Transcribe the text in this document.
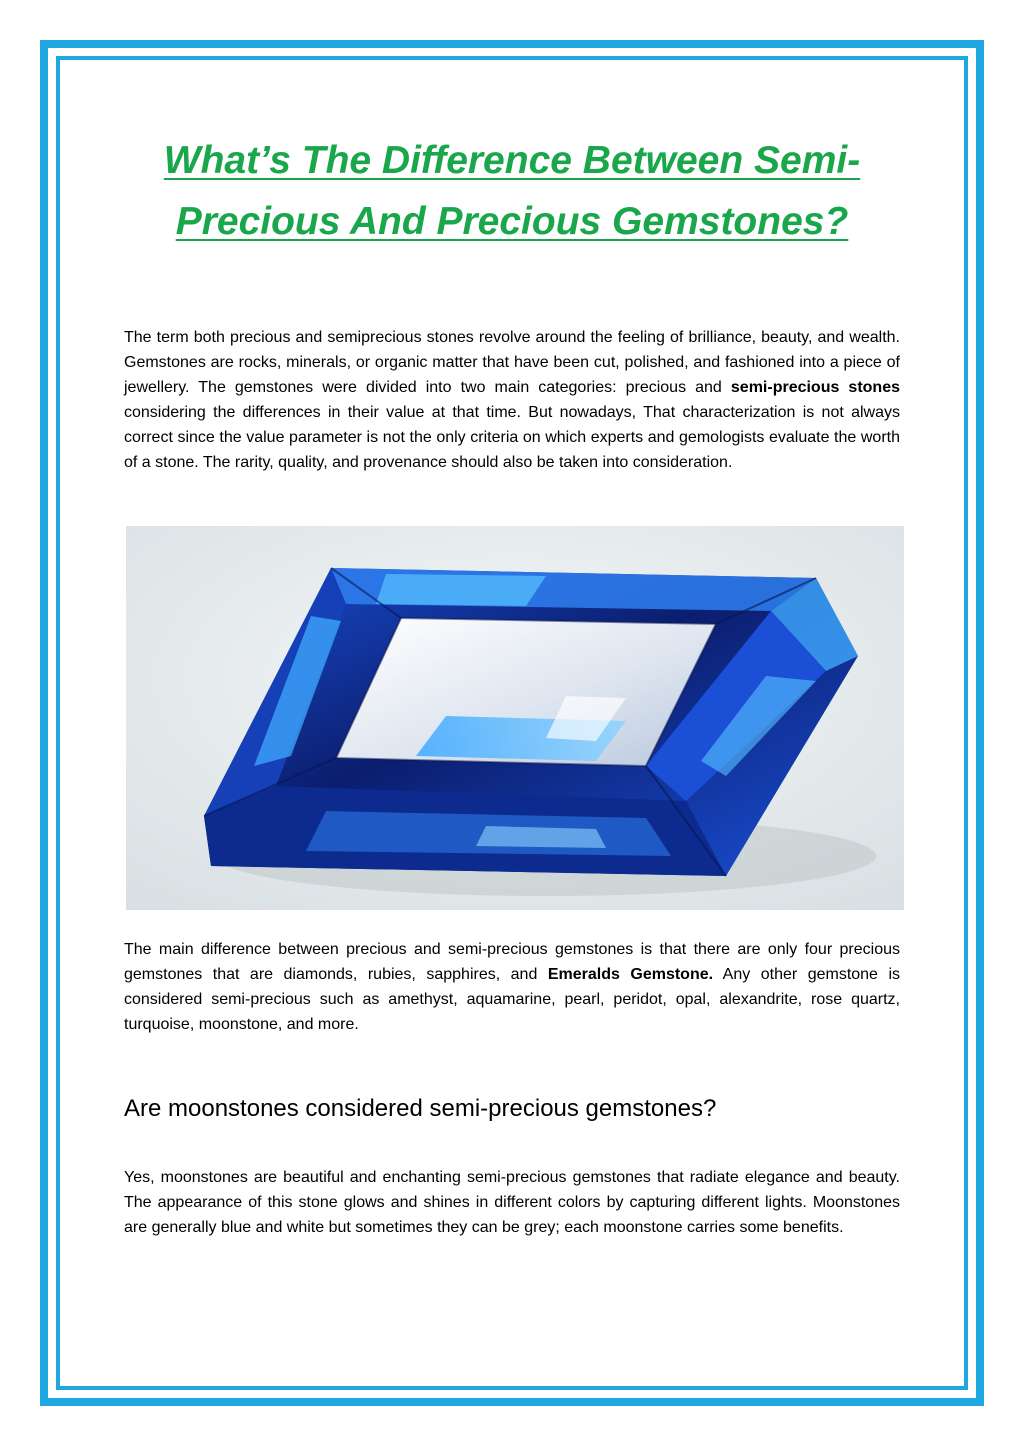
What’s The Difference Between Semi-Precious And Precious Gemstones?

The term both precious and semiprecious stones revolve around the feeling of brilliance, beauty, and wealth. Gemstones are rocks, minerals, or organic matter that have been cut, polished, and fashioned into a piece of jewellery. The gemstones were divided into two main categories: precious and semi-precious stones considering the differences in their value at that time. But nowadays, That characterization is not always correct since the value parameter is not the only criteria on which experts and gemologists evaluate the worth of a stone. The rarity, quality, and provenance should also be taken into consideration.

The main difference between precious and semi-precious gemstones is that there are only four precious gemstones that are diamonds, rubies, sapphires, and Emeralds Gemstone. Any other gemstone is considered semi-precious such as amethyst, aquamarine, pearl, peridot, opal, alexandrite, rose quartz, turquoise, moonstone, and more.

Are moonstones considered semi-precious gemstones?

Yes, moonstones are beautiful and enchanting semi-precious gemstones that radiate elegance and beauty. The appearance of this stone glows and shines in different colors by capturing different lights. Moonstones are generally blue and white but sometimes they can be grey; each moonstone carries some benefits.
